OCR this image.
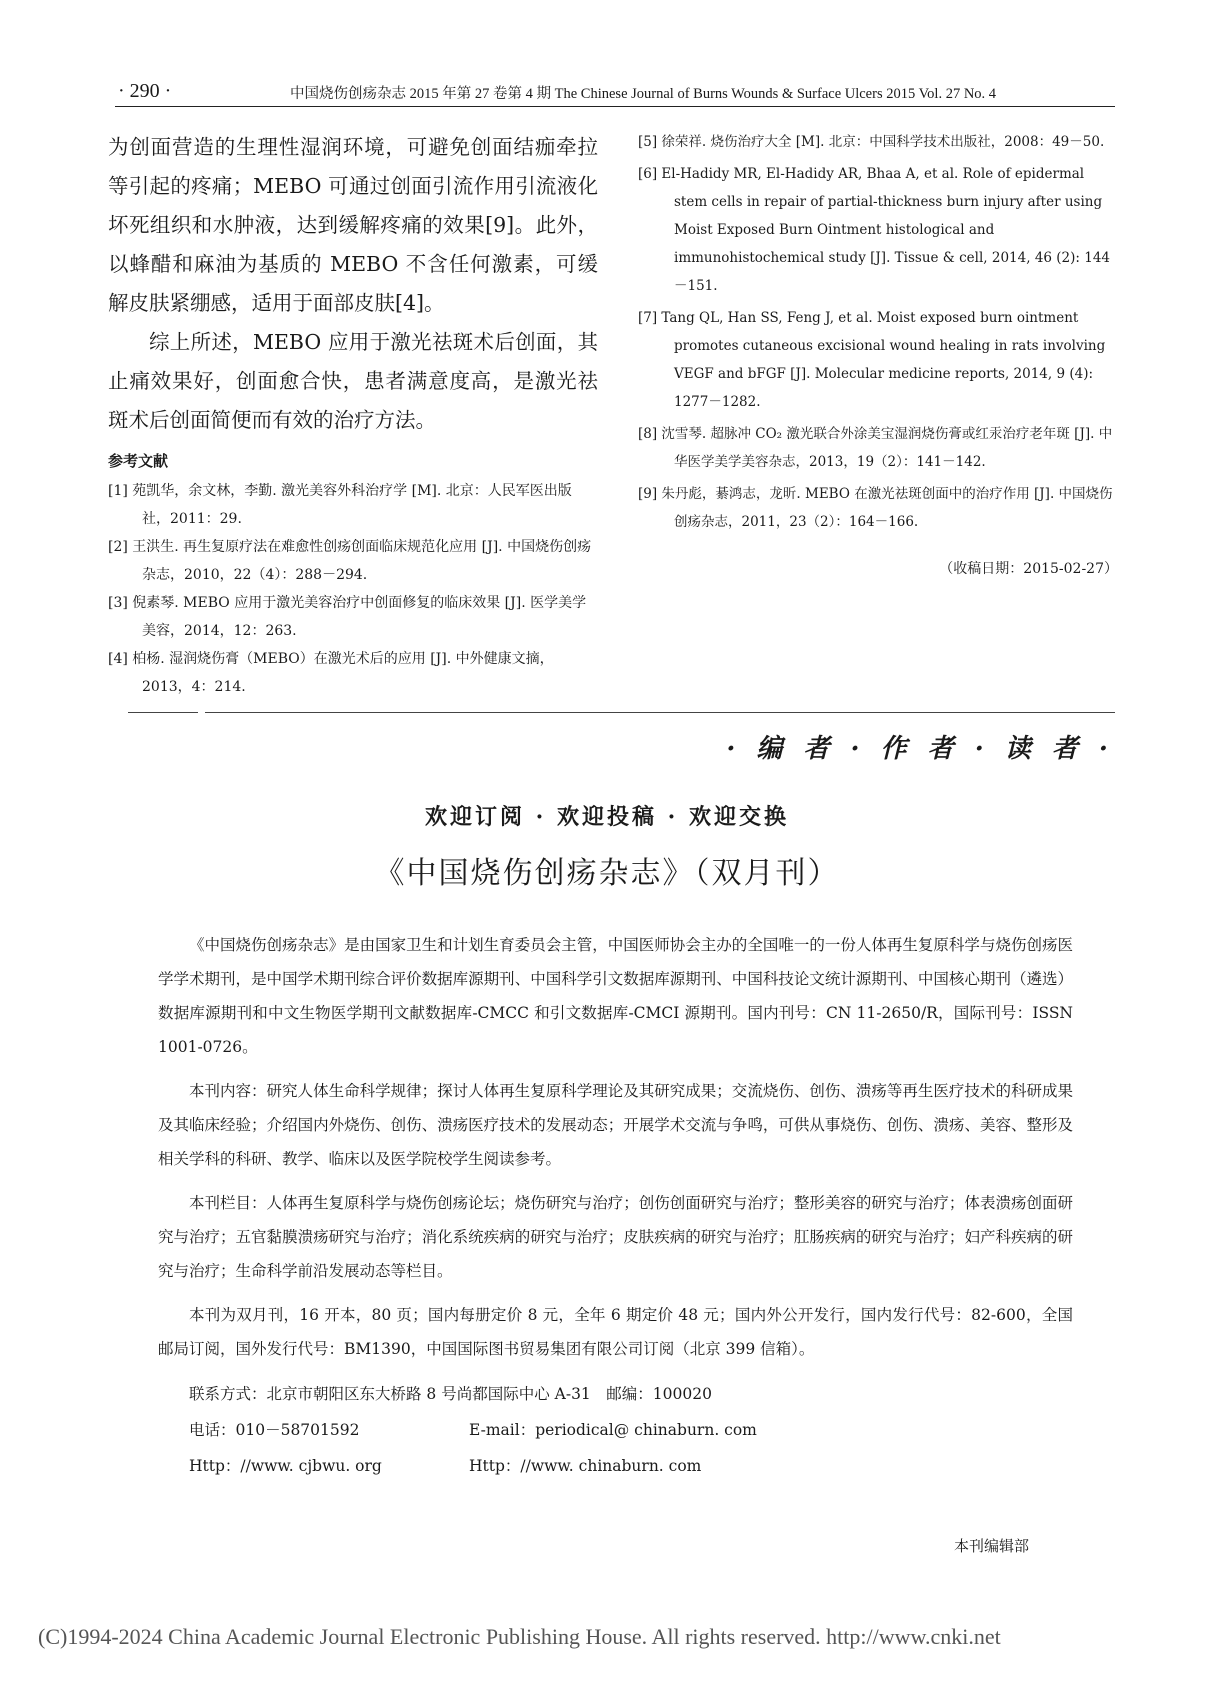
· 290 ·	中国烧伤创疡杂志 2015 年第 27 卷第 4 期 The Chinese Journal of Burns Wounds & Surface Ulcers 2015 Vol. 27 No. 4

为创面营造的生理性湿润环境，可避免创面结痂牵拉等引起的疼痛；MEBO 可通过创面引流作用引流液化坏死组织和水肿液，达到缓解疼痛的效果[9]。此外，以蜂醋和麻油为基质的 MEBO 不含任何激素，可缓解皮肤紧绷感，适用于面部皮肤[4]。

综上所述，MEBO 应用于激光祛斑术后创面，其止痛效果好，创面愈合快，患者满意度高，是激光祛斑术后创面简便而有效的治疗方法。

参考文献

[1] 苑凯华，余文林，李勤. 激光美容外科治疗学 [M]. 北京：人民军医出版社，2011：29.

[2] 王洪生. 再生复原疗法在难愈性创疡创面临床规范化应用 [J]. 中国烧伤创疡杂志，2010，22（4）：288－294.

[3] 倪素琴. MEBO 应用于激光美容治疗中创面修复的临床效果 [J]. 医学美学美容，2014，12：263.

[4] 柏杨. 湿润烧伤膏（MEBO）在激光术后的应用 [J]. 中外健康文摘，2013，4：214.

[5] 徐荣祥. 烧伤治疗大全 [M]. 北京：中国科学技术出版社，2008：49－50.

[6] El-Hadidy MR, El-Hadidy AR, Bhaa A, et al. Role of epidermal stem cells in repair of partial-thickness burn injury after using Moist Exposed Burn Ointment histological and immunohistochemical study [J]. Tissue & cell, 2014, 46 (2): 144－151.

[7] Tang QL, Han SS, Feng J, et al. Moist exposed burn ointment promotes cutaneous excisional wound healing in rats involving VEGF and bFGF [J]. Molecular medicine reports, 2014, 9 (4): 1277－1282.

[8] 沈雪琴. 超脉冲 CO₂ 激光联合外涂美宝湿润烧伤膏或红汞治疗老年斑 [J]. 中华医学美学美容杂志，2013，19（2）：141－142.

[9] 朱丹彪，綦鸿志，龙昕. MEBO 在激光祛斑创面中的治疗作用 [J]. 中国烧伤创疡杂志，2011，23（2）：164－166.

（收稿日期：2015-02-27）
· 编 者 · 作 者 · 读 者 ·
欢迎订阅 · 欢迎投稿 · 欢迎交换
《中国烧伤创疡杂志》（双月刊）

《中国烧伤创疡杂志》是由国家卫生和计划生育委员会主管，中国医师协会主办的全国唯一的一份人体再生复原科学与烧伤创疡医学学术期刊，是中国学术期刊综合评价数据库源期刊、中国科学引文数据库源期刊、中国科技论文统计源期刊、中国核心期刊（遴选）数据库源期刊和中文生物医学期刊文献数据库-CMCC 和引文数据库-CMCI 源期刊。国内刊号：CN 11-2650/R，国际刊号：ISSN 1001-0726。

本刊内容：研究人体生命科学规律；探讨人体再生复原科学理论及其研究成果；交流烧伤、创伤、溃疡等再生医疗技术的科研成果及其临床经验；介绍国内外烧伤、创伤、溃疡医疗技术的发展动态；开展学术交流与争鸣，可供从事烧伤、创伤、溃疡、美容、整形及相关学科的科研、教学、临床以及医学院校学生阅读参考。

本刊栏目：人体再生复原科学与烧伤创疡论坛；烧伤研究与治疗；创伤创面研究与治疗；整形美容的研究与治疗；体表溃疡创面研究与治疗；五官黏膜溃疡研究与治疗；消化系统疾病的研究与治疗；皮肤疾病的研究与治疗；肛肠疾病的研究与治疗；妇产科疾病的研究与治疗；生命科学前沿发展动态等栏目。

本刊为双月刊，16 开本，80 页；国内每册定价 8 元，全年 6 期定价 48 元；国内外公开发行，国内发行代号：82-600，全国邮局订阅，国外发行代号：BM1390，中国国际图书贸易集团有限公司订阅（北京 399 信箱）。

联系方式：北京市朝阳区东大桥路 8 号尚都国际中心 A-31　邮编：100020

电话：010－58701592	E-mail：periodical@ chinaburn. com

Http：//www. cjbwu. org	Http：//www. chinaburn. com

本刊编辑部
(C)1994-2024 China Academic Journal Electronic Publishing House. All rights reserved. http://www.cnki.net
